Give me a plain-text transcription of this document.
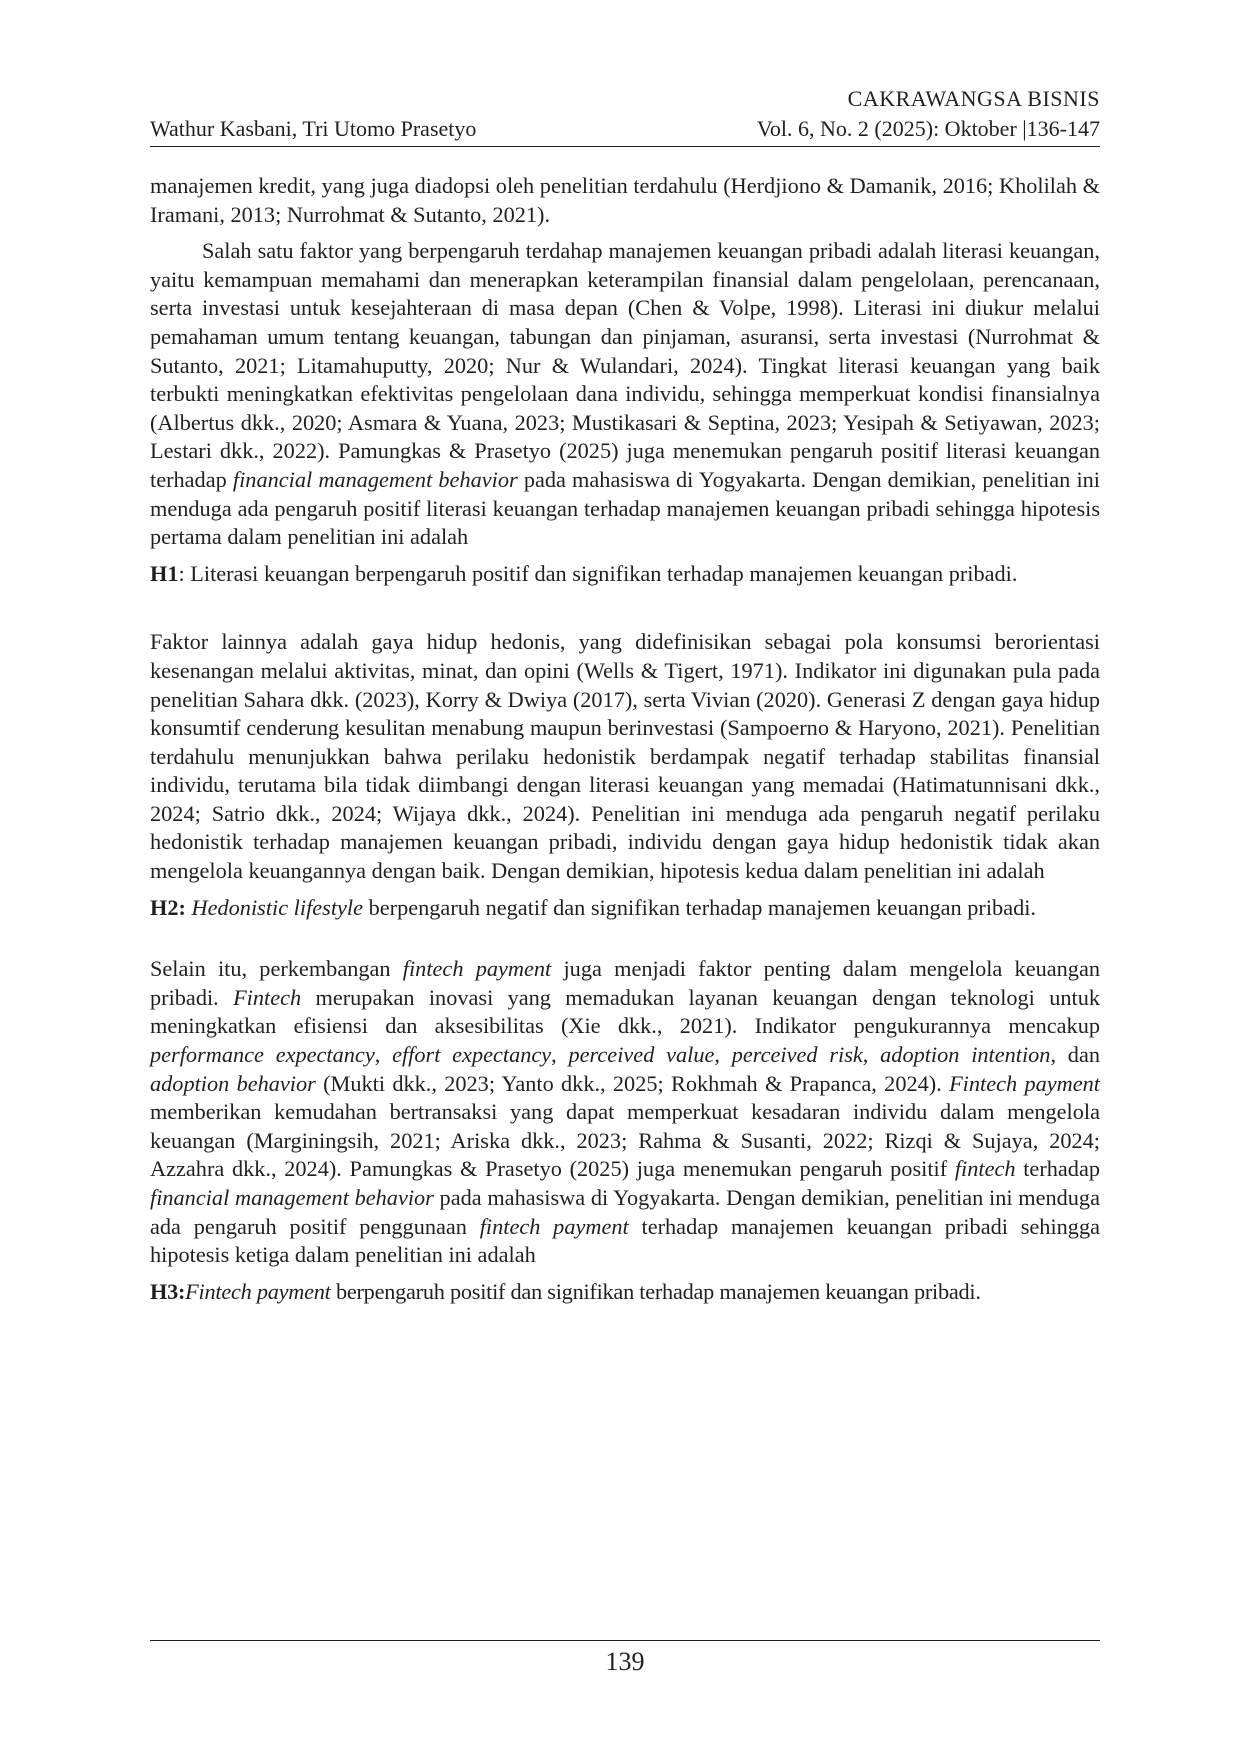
CAKRAWANGSA BISNIS
Wathur Kasbani, Tri Utomo Prasetyo	Vol. 6, No. 2 (2025): Oktober |136-147

manajemen kredit, yang juga diadopsi oleh penelitian terdahulu (Herdjiono & Damanik, 2016; Kholilah & Iramani, 2013; Nurrohmat & Sutanto, 2021).

Salah satu faktor yang berpengaruh terdahap manajemen keuangan pribadi adalah literasi keuangan, yaitu kemampuan memahami dan menerapkan keterampilan finansial dalam pengelolaan, perencanaan, serta investasi untuk kesejahteraan di masa depan (Chen & Volpe, 1998). Literasi ini diukur melalui pemahaman umum tentang keuangan, tabungan dan pinjaman, asuransi, serta investasi (Nurrohmat & Sutanto, 2021; Litamahuputty, 2020; Nur & Wulandari, 2024). Tingkat literasi keuangan yang baik terbukti meningkatkan efektivitas pengelolaan dana individu, sehingga memperkuat kondisi finansialnya (Albertus dkk., 2020; Asmara & Yuana, 2023; Mustikasari & Septina, 2023; Yesipah & Setiyawan, 2023; Lestari dkk., 2022). Pamungkas & Prasetyo (2025) juga menemukan pengaruh positif literasi keuangan terhadap financial management behavior pada mahasiswa di Yogyakarta. Dengan demikian, penelitian ini menduga ada pengaruh positif literasi keuangan terhadap manajemen keuangan pribadi sehingga hipotesis pertama dalam penelitian ini adalah

H1: Literasi keuangan berpengaruh positif dan signifikan terhadap manajemen keuangan pribadi.

Faktor lainnya adalah gaya hidup hedonis, yang didefinisikan sebagai pola konsumsi berorientasi kesenangan melalui aktivitas, minat, dan opini (Wells & Tigert, 1971). Indikator ini digunakan pula pada penelitian Sahara dkk. (2023), Korry & Dwiya (2017), serta Vivian (2020). Generasi Z dengan gaya hidup konsumtif cenderung kesulitan menabung maupun berinvestasi (Sampoerno & Haryono, 2021). Penelitian terdahulu menunjukkan bahwa perilaku hedonistik berdampak negatif terhadap stabilitas finansial individu, terutama bila tidak diimbangi dengan literasi keuangan yang memadai (Hatimatunnisani dkk., 2024; Satrio dkk., 2024; Wijaya dkk., 2024). Penelitian ini menduga ada pengaruh negatif perilaku hedonistik terhadap manajemen keuangan pribadi, individu dengan gaya hidup hedonistik tidak akan mengelola keuangannya dengan baik. Dengan demikian, hipotesis kedua dalam penelitian ini adalah

H2: Hedonistic lifestyle berpengaruh negatif dan signifikan terhadap manajemen keuangan pribadi.

Selain itu, perkembangan fintech payment juga menjadi faktor penting dalam mengelola keuangan pribadi. Fintech merupakan inovasi yang memadukan layanan keuangan dengan teknologi untuk meningkatkan efisiensi dan aksesibilitas (Xie dkk., 2021). Indikator pengukurannya mencakup performance expectancy, effort expectancy, perceived value, perceived risk, adoption intention, dan adoption behavior (Mukti dkk., 2023; Yanto dkk., 2025; Rokhmah & Prapanca, 2024). Fintech payment memberikan kemudahan bertransaksi yang dapat memperkuat kesadaran individu dalam mengelola keuangan (Marginingsih, 2021; Ariska dkk., 2023; Rahma & Susanti, 2022; Rizqi & Sujaya, 2024; Azzahra dkk., 2024). Pamungkas & Prasetyo (2025) juga menemukan pengaruh positif fintech terhadap financial management behavior pada mahasiswa di Yogyakarta. Dengan demikian, penelitian ini menduga ada pengaruh positif penggunaan fintech payment terhadap manajemen keuangan pribadi sehingga hipotesis ketiga dalam penelitian ini adalah

H3:Fintech payment berpengaruh positif dan signifikan terhadap manajemen keuangan pribadi.

139
